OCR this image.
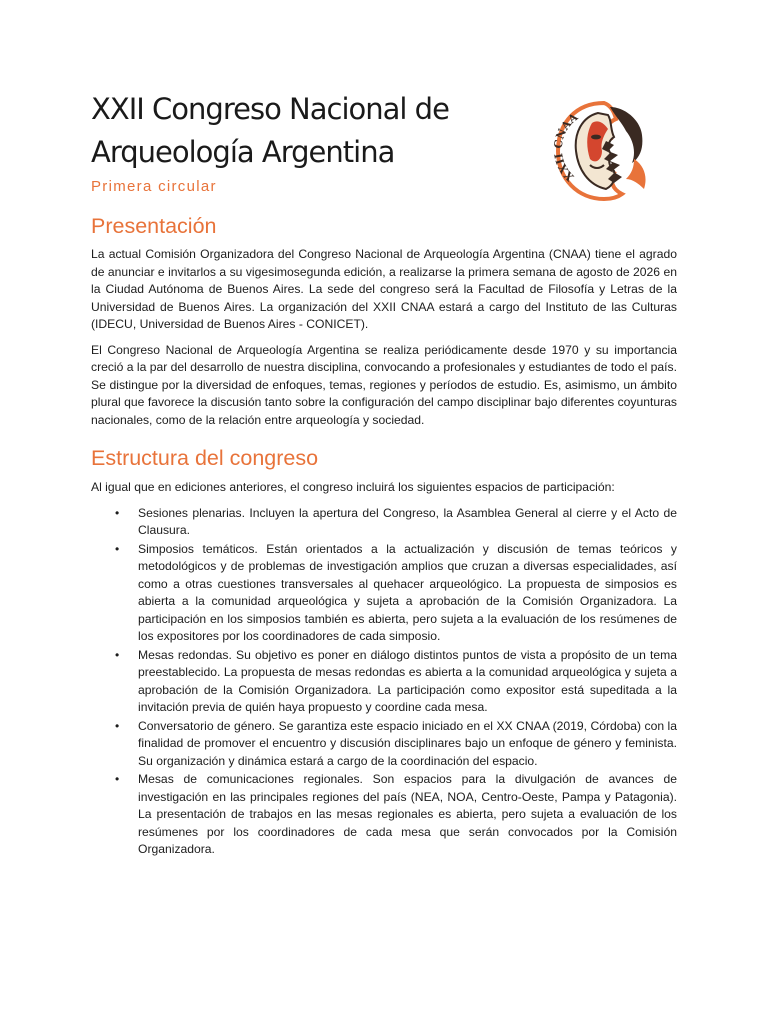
XXII Congreso Nacional de
Arqueología Argentina
Primera circular
XXII CNAA
Presentación

La actual Comisión Organizadora del Congreso Nacional de Arqueología Argentina (CNAA) tiene el agrado de anunciar e invitarlos a su vigesimosegunda edición, a realizarse la primera semana de agosto de 2026 en la Ciudad Autónoma de Buenos Aires. La sede del congreso será la Facultad de Filosofía y Letras de la Universidad de Buenos Aires. La organización del XXII CNAA estará a cargo del Instituto de las Culturas (IDECU, Universidad de Buenos Aires - CONICET).

El Congreso Nacional de Arqueología Argentina se realiza periódicamente desde 1970 y su importancia creció a la par del desarrollo de nuestra disciplina, convocando a profesionales y estudiantes de todo el país. Se distingue por la diversidad de enfoques, temas, regiones y períodos de estudio. Es, asimismo, un ámbito plural que favorece la discusión tanto sobre la configuración del campo disciplinar bajo diferentes coyunturas nacionales, como de la relación entre arqueología y sociedad.

Estructura del congreso

Al igual que en ediciones anteriores, el congreso incluirá los siguientes espacios de participación:

• Sesiones plenarias. Incluyen la apertura del Congreso, la Asamblea General al cierre y el Acto de Clausura.
• Simposios temáticos. Están orientados a la actualización y discusión de temas teóricos y metodológicos y de problemas de investigación amplios que cruzan a diversas especialidades, así como a otras cuestiones transversales al quehacer arqueológico. La propuesta de simposios es abierta a la comunidad arqueológica y sujeta a aprobación de la Comisión Organizadora. La participación en los simposios también es abierta, pero sujeta a la evaluación de los resúmenes de los expositores por los coordinadores de cada simposio.
• Mesas redondas. Su objetivo es poner en diálogo distintos puntos de vista a propósito de un tema preestablecido. La propuesta de mesas redondas es abierta a la comunidad arqueológica y sujeta a aprobación de la Comisión Organizadora. La participación como expositor está supeditada a la invitación previa de quién haya propuesto y coordine cada mesa.
• Conversatorio de género. Se garantiza este espacio iniciado en el XX CNAA (2019, Córdoba) con la finalidad de promover el encuentro y discusión disciplinares bajo un enfoque de género y feminista. Su organización y dinámica estará a cargo de la coordinación del espacio.
• Mesas de comunicaciones regionales. Son espacios para la divulgación de avances de investigación en las principales regiones del país (NEA, NOA, Centro-Oeste, Pampa y Patagonia). La presentación de trabajos en las mesas regionales es abierta, pero sujeta a evaluación de los resúmenes por los coordinadores de cada mesa que serán convocados por la Comisión Organizadora.
